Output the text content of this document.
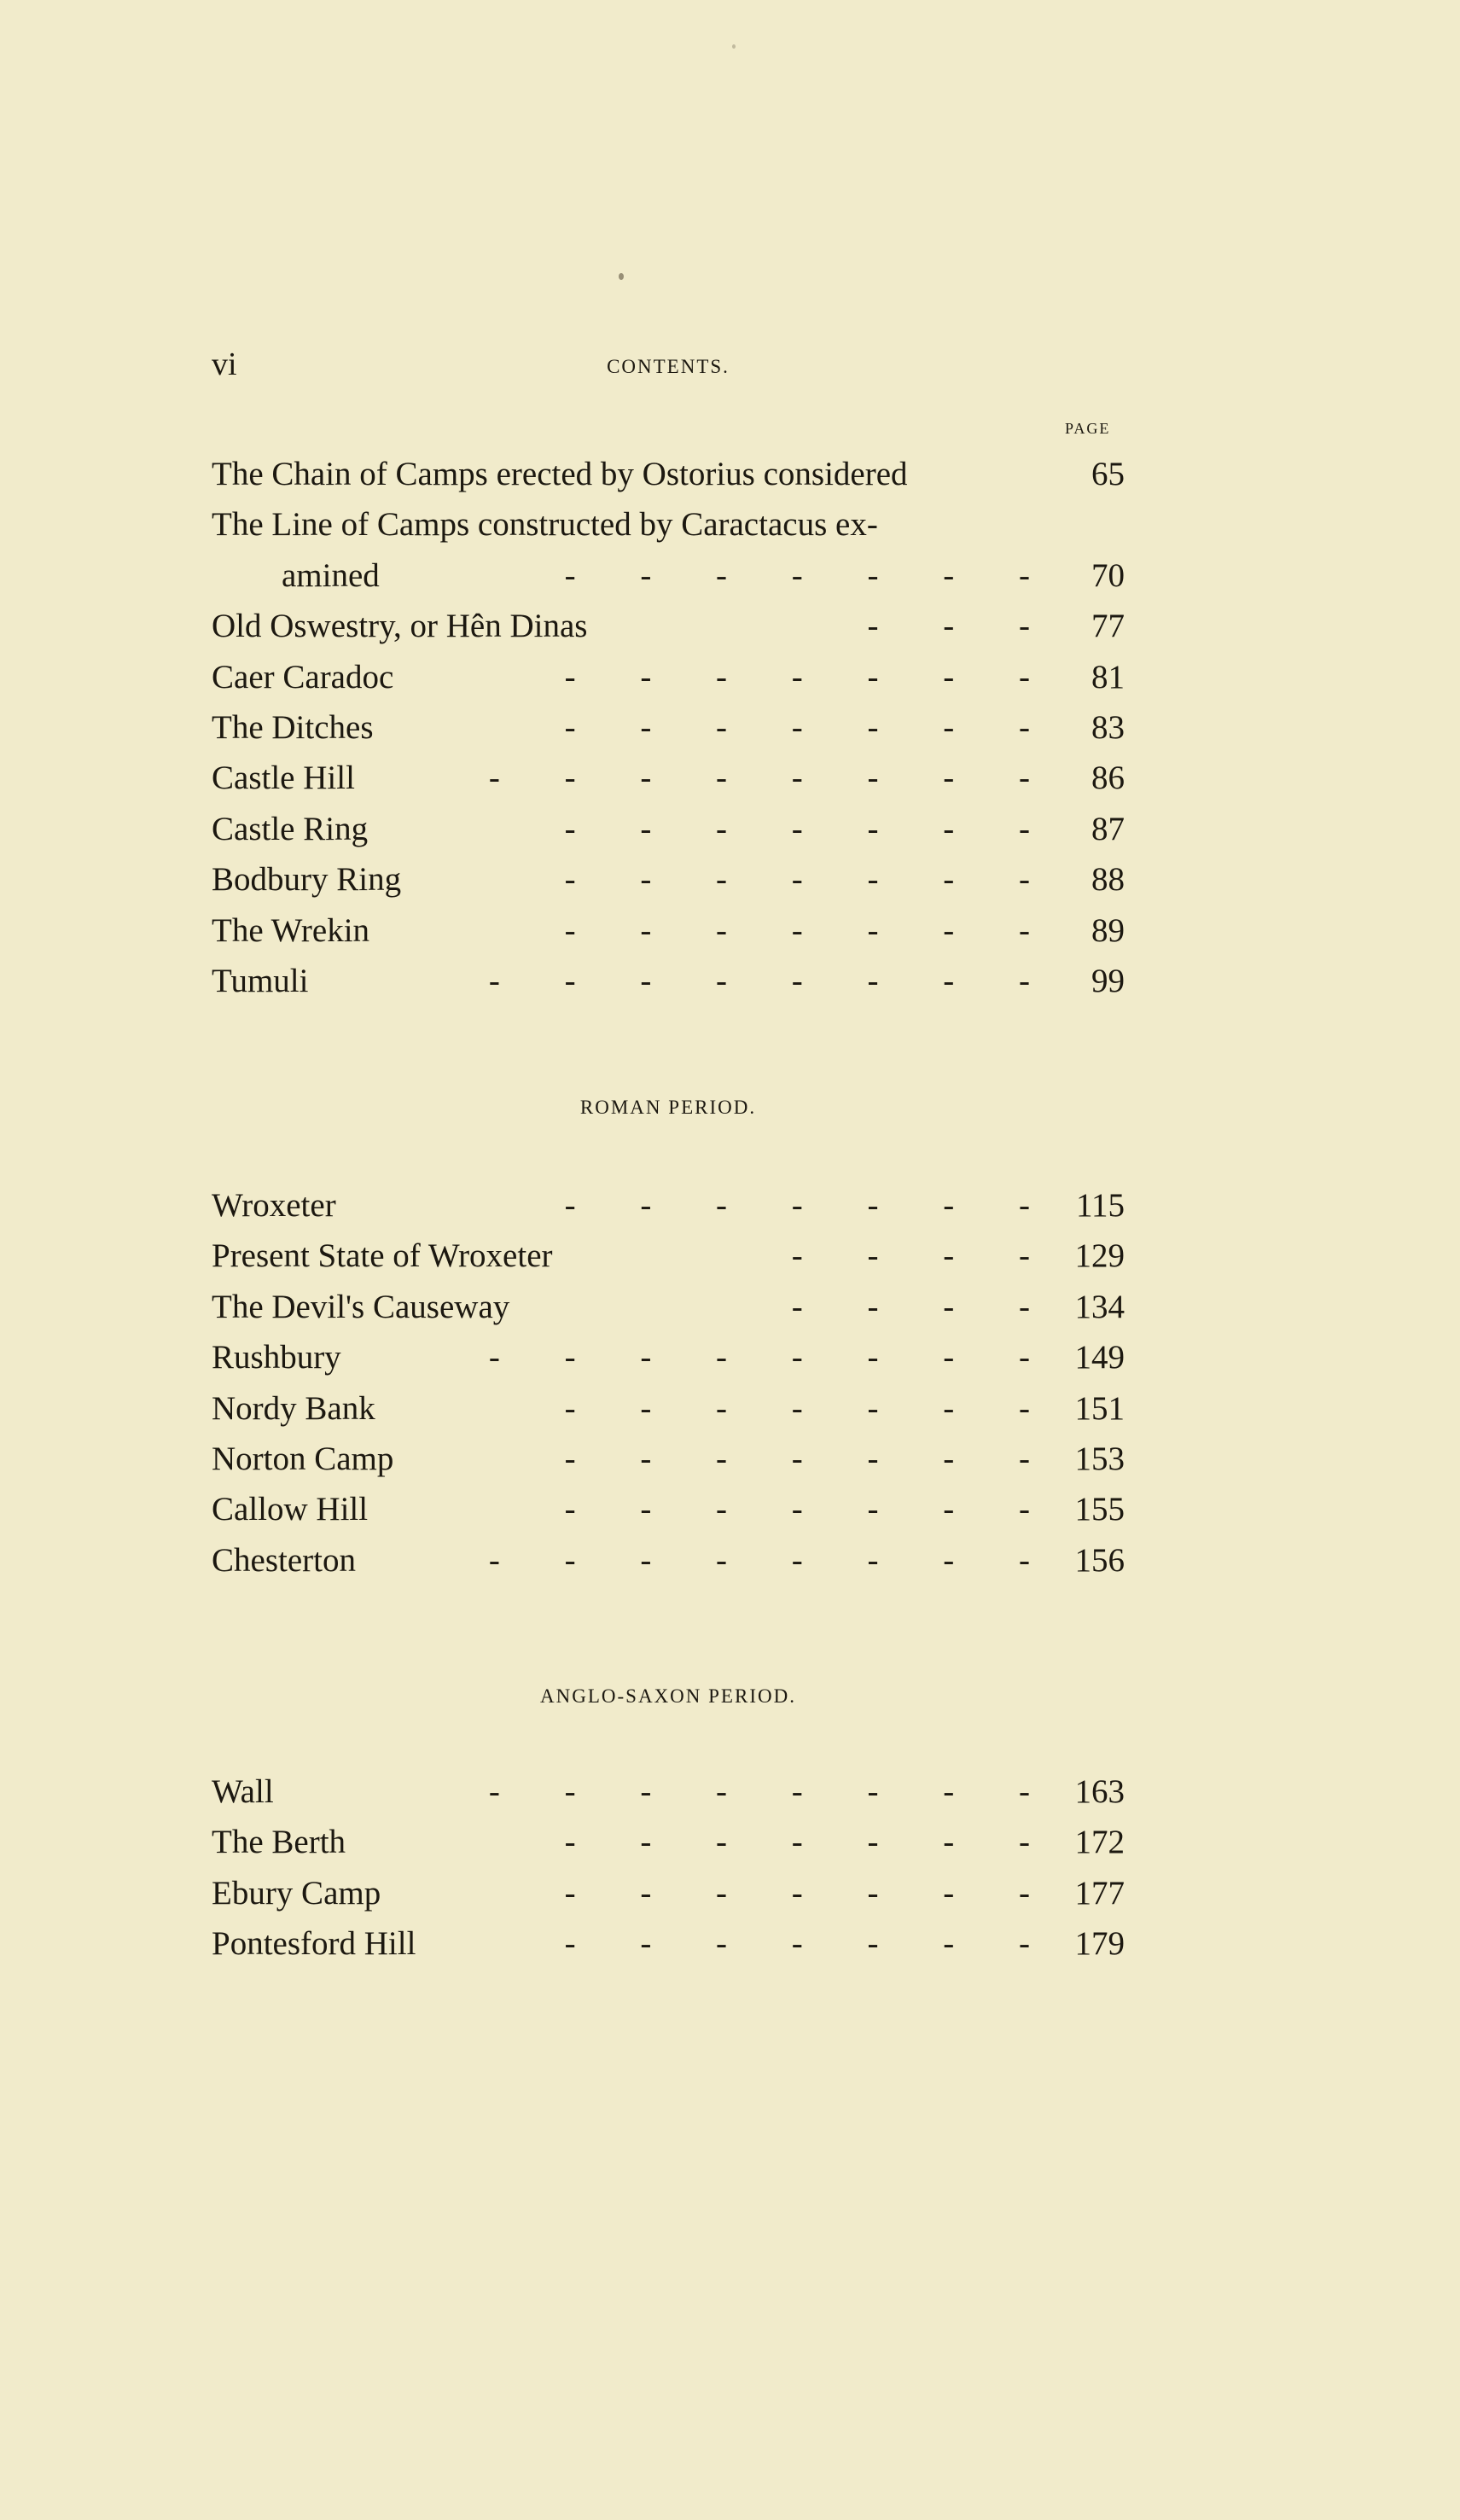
vi	CONTENTS.
PAGE
The Chain of Camps erected by Ostorius considered	65
The Line of Camps constructed by Caractacus ex-
amined	- - - - - - -	70
Old Oswestry, or Hên Dinas	- - -	77
Caer Caradoc	- - - - - - -	81
The Ditches	- - - - - - -	83
Castle Hill	- - - - - - - -	86
Castle Ring	- - - - - - -	87
Bodbury Ring	- - - - - - -	88
The Wrekin	- - - - - - -	89
Tumuli	- - - - - - - -	99
ROMAN PERIOD.
Wroxeter	- - - - - - - 115
Present State of Wroxeter	- - - - 129
The Devil's Causeway	- - - - 134
Rushbury	- - - - - - - - 149
Nordy Bank	- - - - - - - 151
Norton Camp	- - - - - - - 153
Callow Hill	- - - - - - - 155
Chesterton	- - - - - - - - 156
ANGLO-SAXON PERIOD.
Wall	- - - - - - - - 163
The Berth	- - - - - - - 172
Ebury Camp	- - - - - - - 177
Pontesford Hill	- - - - - - - 179
